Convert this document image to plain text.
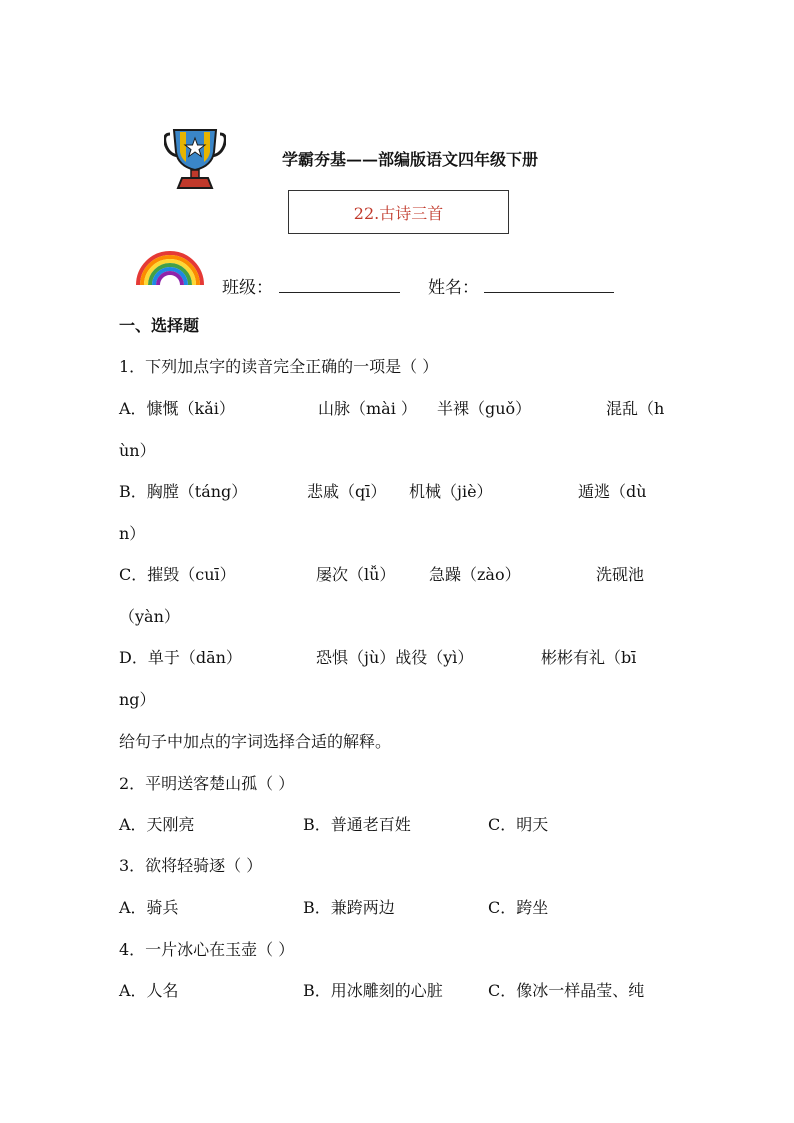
学霸夯基——部编版语文四年级下册
22.古诗三首
班级：	姓名：
一、选择题
1．下列加点字的读音完全正确的一项是（ ）
A．慷慨（kǎi）	山脉（mài ） 半裸（guǒ）	混乱（h
ùn）
B．胸膛（táng）	悲戚（qī） 机械（jiè）	遁逃（dù
n）
C．摧毁（cuī）	屡次（lǚ） 急躁（zào）	洗砚池
（yàn）
D．单于（dān）	恐惧（jù）战役（yì）	彬彬有礼（bī
ng）
给句子中加点的字词选择合适的解释。
2．平明送客楚山孤（ ）
A．天刚亮	B．普通老百姓	C．明天
3．欲将轻骑逐（ ）
A．骑兵	B．兼跨两边	C．跨坐
4．一片冰心在玉壶（ ）
A．人名	B．用冰雕刻的心脏	C．像冰一样晶莹、纯
